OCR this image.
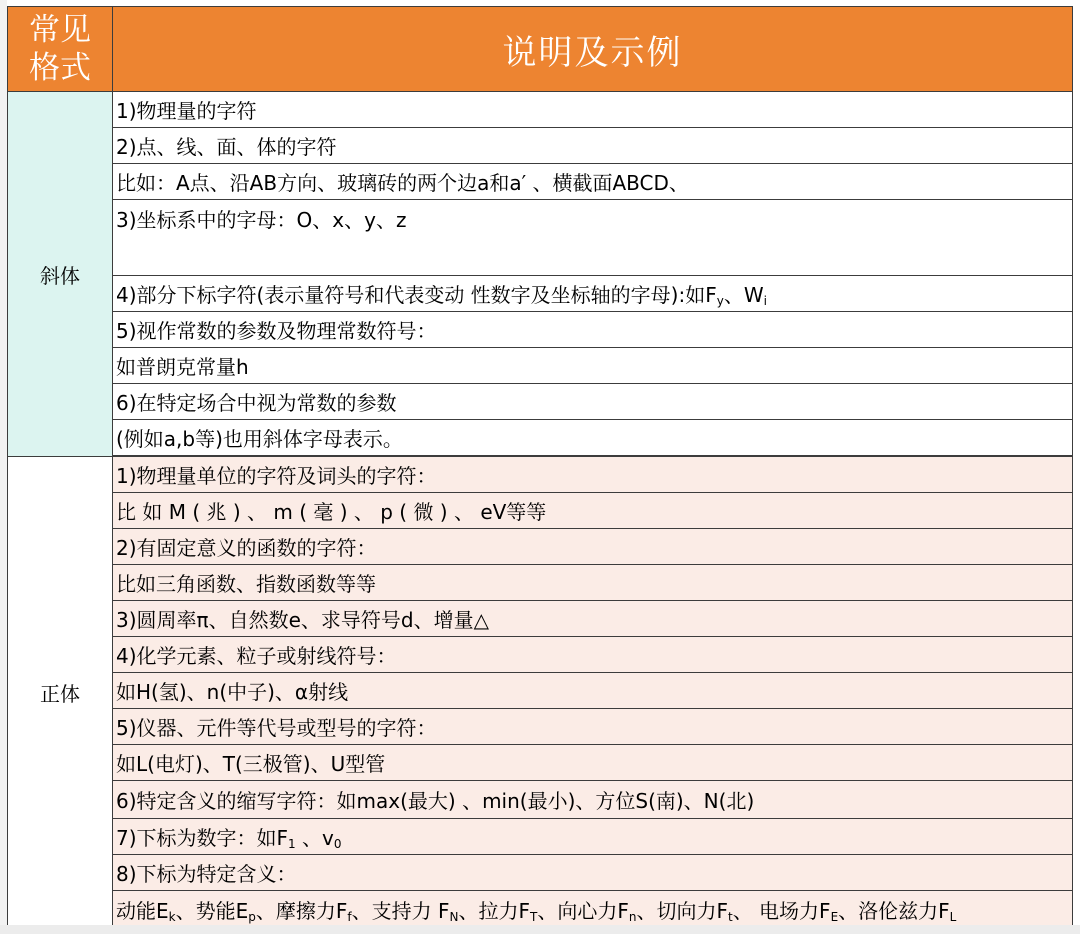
常见
格式	说明及示例
斜体	1)物理量的字符
	2)点、线、面、体的字符
	比如：A点、沿AB方向、玻璃砖的两个边a和a′ 、横截面ABCD、
	3)坐标系中的字母：O、x、y、z
	4)部分下标字符(表示量符号和代表变动 性数字及坐标轴的字母):如$F_y$、$W_i$
	5)视作常数的参数及物理常数符号：
	如普朗克常量h
	6)在特定场合中视为常数的参数
	(例如a,b等)也用斜体字母表示。

正体	1)物理量单位的字符及词头的字符：
	比 如 M ( 兆 ) 、 m ( 毫 ) 、 p ( 微 ) 、 eV等等
	2)有固定意义的函数的字符：
	比如三角函数、指数函数等等
	3)圆周率π、自然数e、求导符号d、增量△
	4)化学元素、粒子或射线符号：
	如H(氢)、n(中子)、α射线
	5)仪器、元件等代号或型号的字符：
	如L(电灯)、T(三极管)、U型管
	6)特定含义的缩写字符：如max(最大) 、min(最小)、方位S(南)、N(北)
	7)下标为数字：如$F_1$ 、$v_0$
	8)下标为特定含义：
	动能$E_k$、势能$E_p$、摩擦力$F_f$、支持力 $F_N$、拉力$F_T$、向心力$F_n$、切向力$F_t$、 电场力$F_E$、洛伦兹力$F_L$
